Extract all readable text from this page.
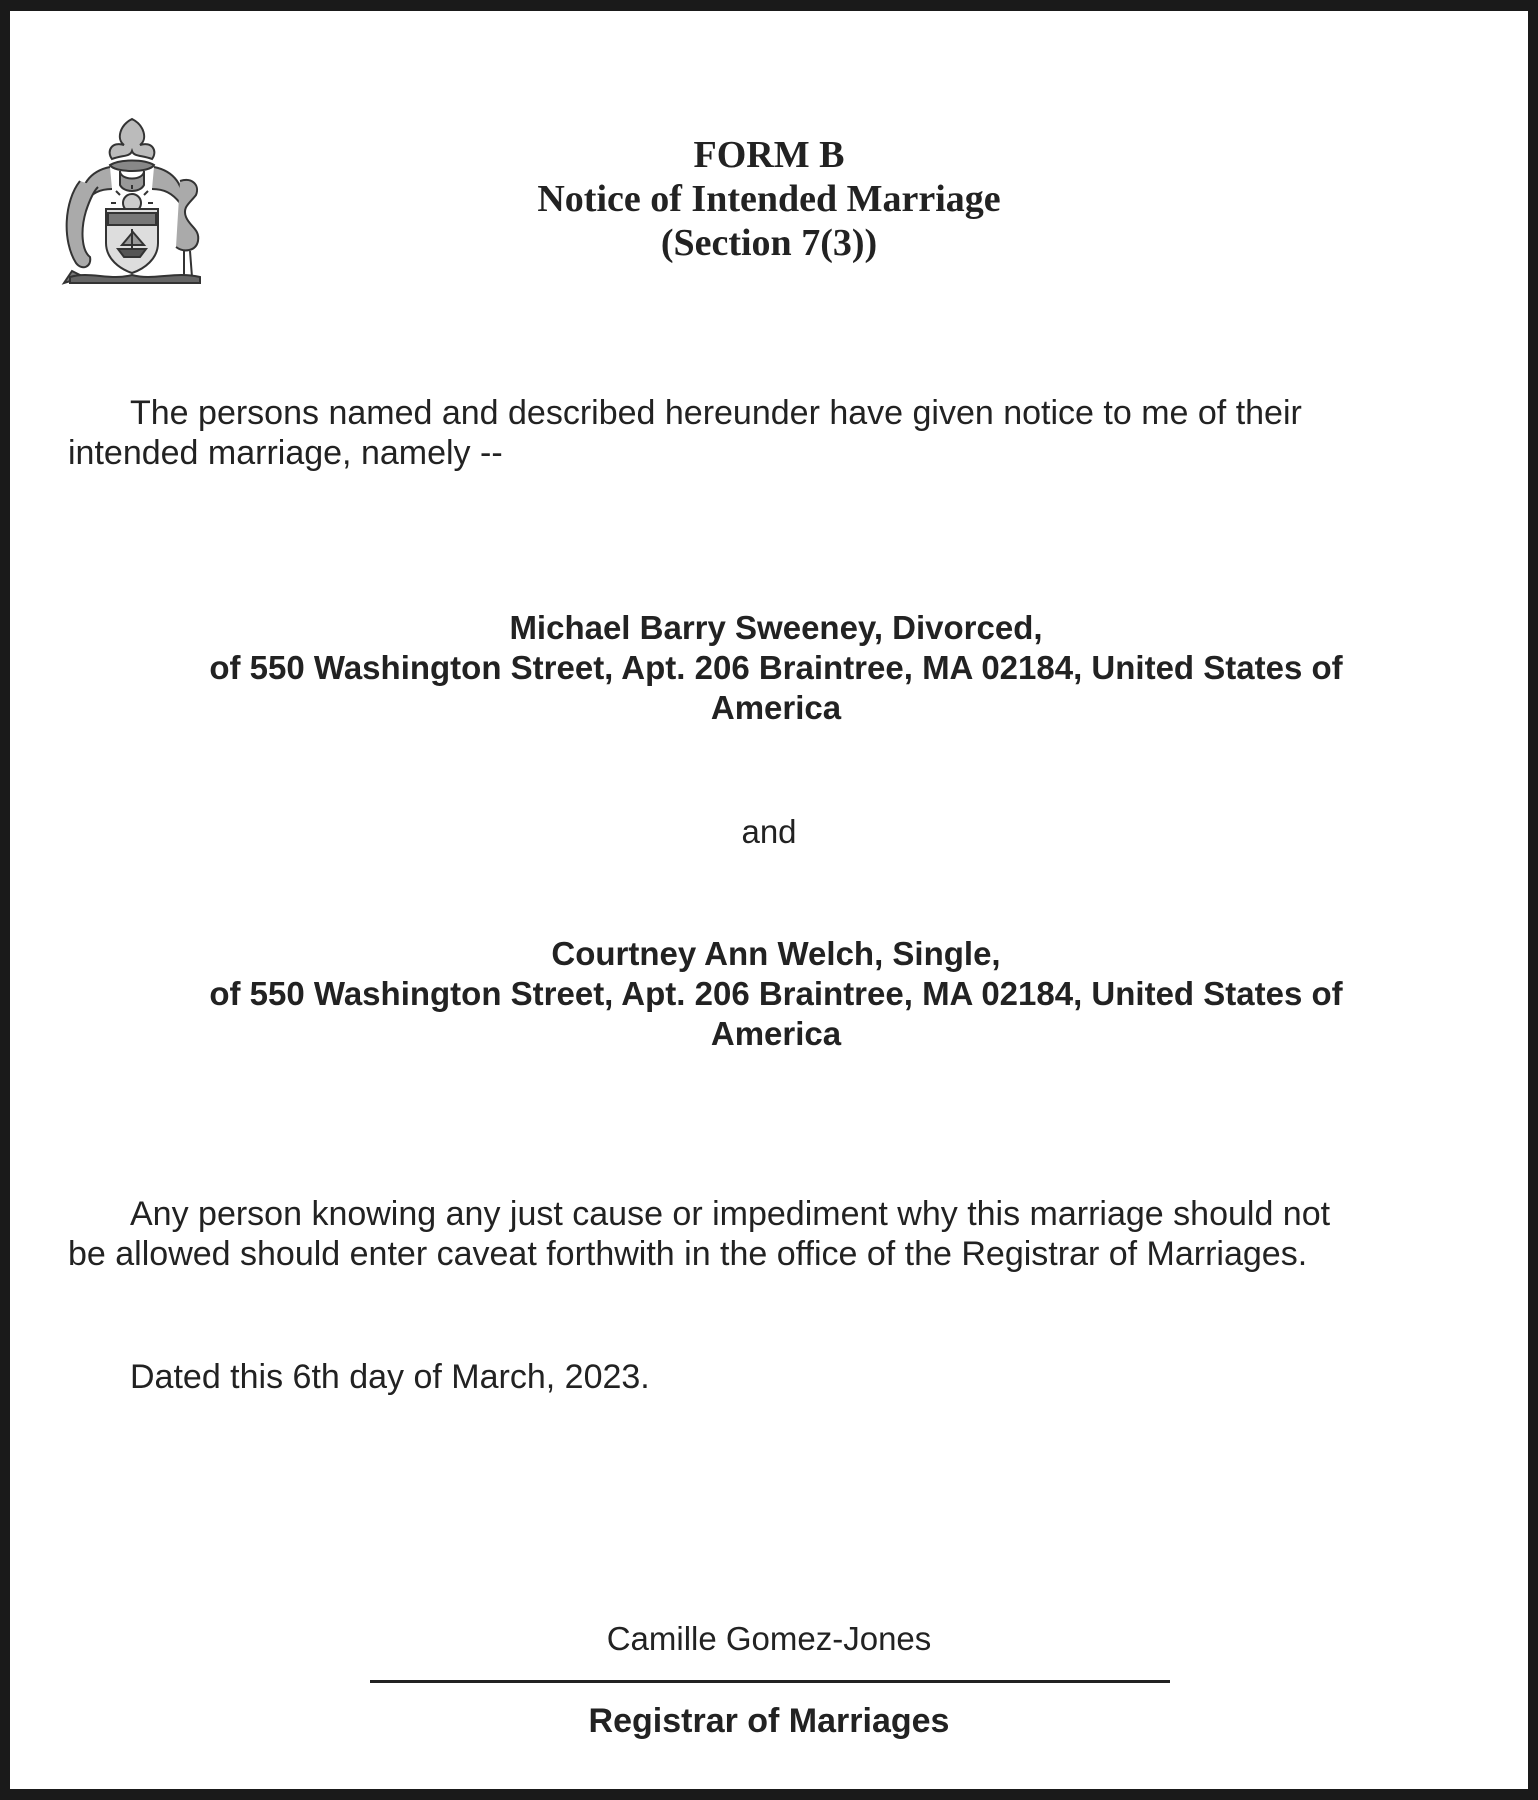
FORM B
Notice of Intended Marriage
(Section 7(3))
The persons named and described hereunder have given notice to me of their
intended marriage, namely --
Michael Barry Sweeney, Divorced,
of 550 Washington Street, Apt. 206 Braintree, MA 02184, United States of
America
and
Courtney Ann Welch, Single,
of 550 Washington Street, Apt. 206 Braintree, MA 02184, United States of
America
Any person knowing any just cause or impediment why this marriage should not
be allowed should enter caveat forthwith in the office of the Registrar of Marriages.
Dated this 6th day of March, 2023.
Camille Gomez-Jones
Registrar of Marriages
